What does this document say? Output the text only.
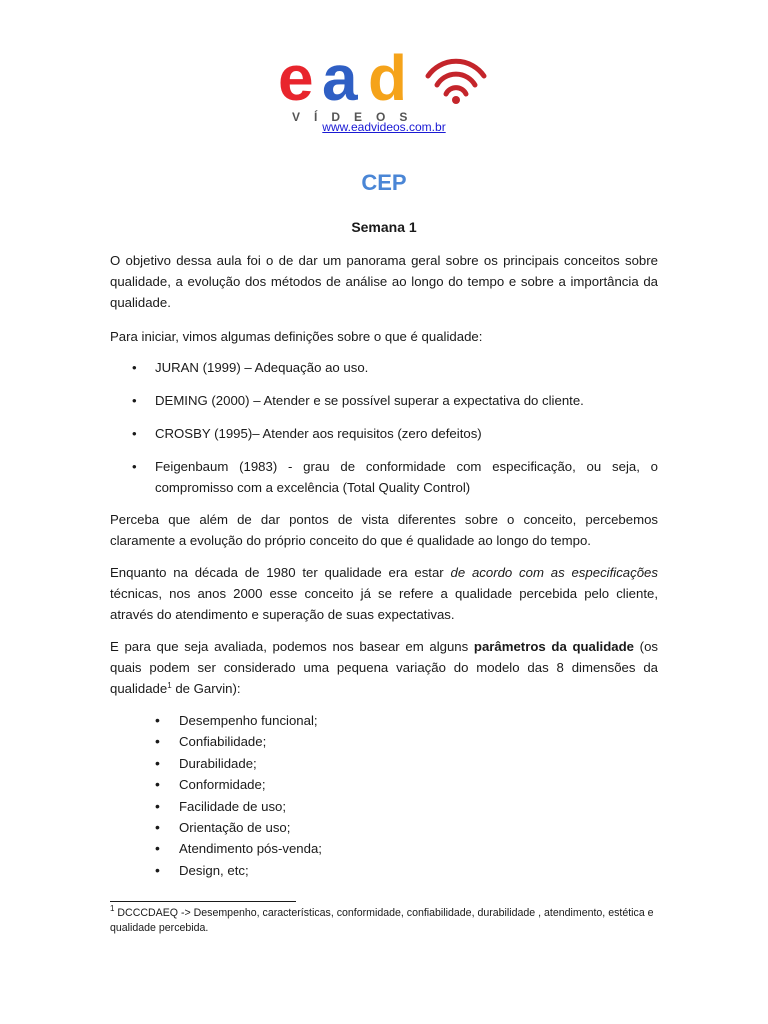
e a d
VÍDEOS
www.eadvideos.com.br
CEP
Semana 1

O objetivo dessa aula foi o de dar um panorama geral sobre os principais conceitos sobre qualidade, a evolução dos métodos de análise ao longo do tempo e sobre a importância da qualidade.

Para iniciar, vimos algumas definições sobre o que é qualidade:

• JURAN (1999) – Adequação ao uso.
• DEMING (2000) – Atender e se possível superar a expectativa do cliente.
• CROSBY (1995)– Atender aos requisitos (zero defeitos)
• Feigenbaum (1983) - grau de conformidade com especificação, ou seja, o compromisso com a excelência (Total Quality Control)

Perceba que além de dar pontos de vista diferentes sobre o conceito, percebemos claramente a evolução do próprio conceito do que é qualidade ao longo do tempo.

Enquanto na década de 1980 ter qualidade era estar de acordo com as especificações técnicas, nos anos 2000 esse conceito já se refere a qualidade percebida pelo cliente, através do atendimento e superação de suas expectativas.

E para que seja avaliada, podemos nos basear em alguns parâmetros da qualidade (os quais podem ser considerado uma pequena variação do modelo das 8 dimensões da qualidade$^1$ de Garvin):

• Desempenho funcional;
• Confiabilidade;
• Durabilidade;
• Conformidade;
• Facilidade de uso;
• Orientação de uso;
• Atendimento pós-venda;
• Design, etc;
$^1$ DCCCDAEQ -> Desempenho, características, conformidade, confiabilidade, durabilidade , atendimento, estética e qualidade percebida.
